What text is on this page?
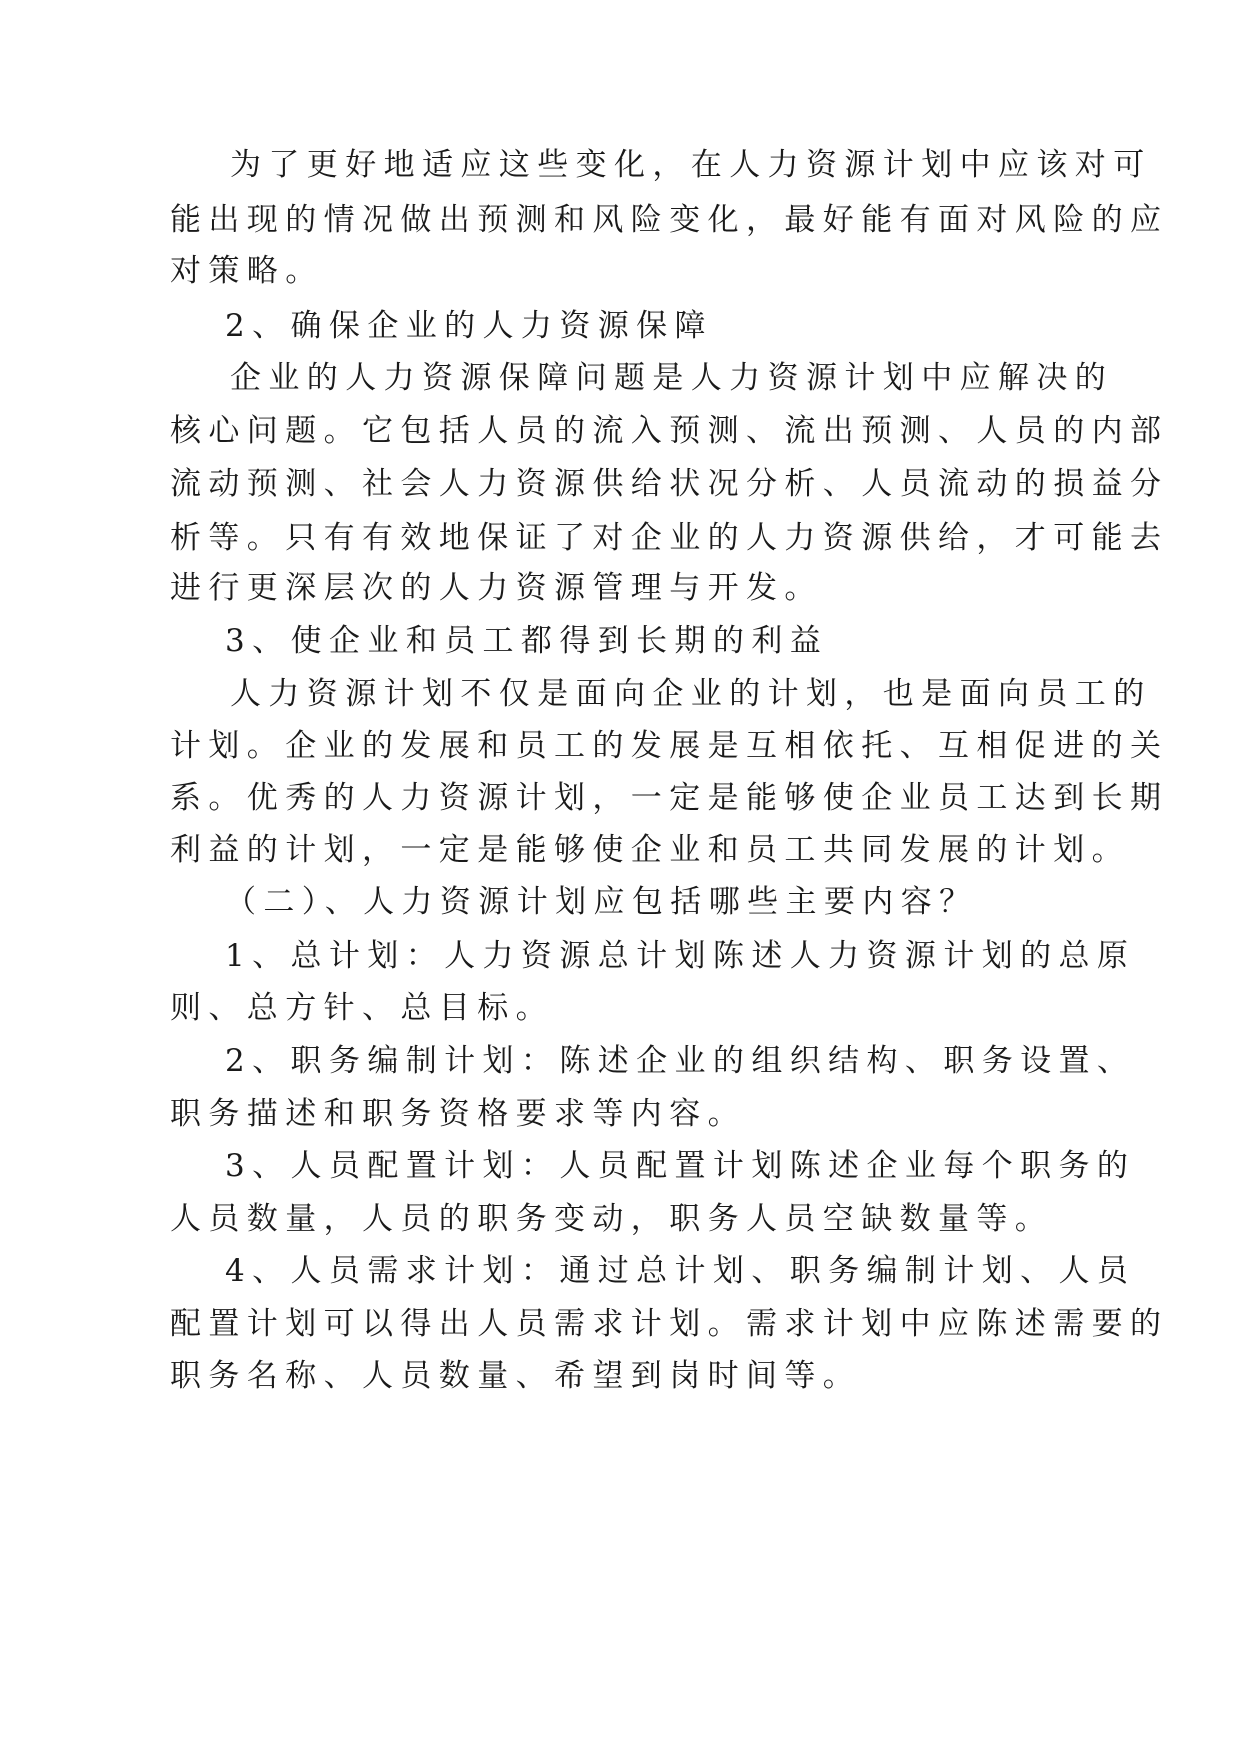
为了更好地适应这些变化，在人力资源计划中应该对可

能出现的情况做出预测和风险变化，最好能有面对风险的应

对策略。

2、确保企业的人力资源保障

企业的人力资源保障问题是人力资源计划中应解决的

核心问题。它包括人员的流入预测、流出预测、人员的内部

流动预测、社会人力资源供给状况分析、人员流动的损益分

析等。只有有效地保证了对企业的人力资源供给，才可能去

进行更深层次的人力资源管理与开发。

3、使企业和员工都得到长期的利益

人力资源计划不仅是面向企业的计划，也是面向员工的

计划。企业的发展和员工的发展是互相依托、互相促进的关

系。优秀的人力资源计划，一定是能够使企业员工达到长期

利益的计划，一定是能够使企业和员工共同发展的计划。

（二）、人力资源计划应包括哪些主要内容？

1、总计划：人力资源总计划陈述人力资源计划的总原

则、总方针、总目标。

2、职务编制计划：陈述企业的组织结构、职务设置、

职务描述和职务资格要求等内容。

3、人员配置计划：人员配置计划陈述企业每个职务的

人员数量，人员的职务变动，职务人员空缺数量等。

4、人员需求计划：通过总计划、职务编制计划、人员

配置计划可以得出人员需求计划。需求计划中应陈述需要的

职务名称、人员数量、希望到岗时间等。
